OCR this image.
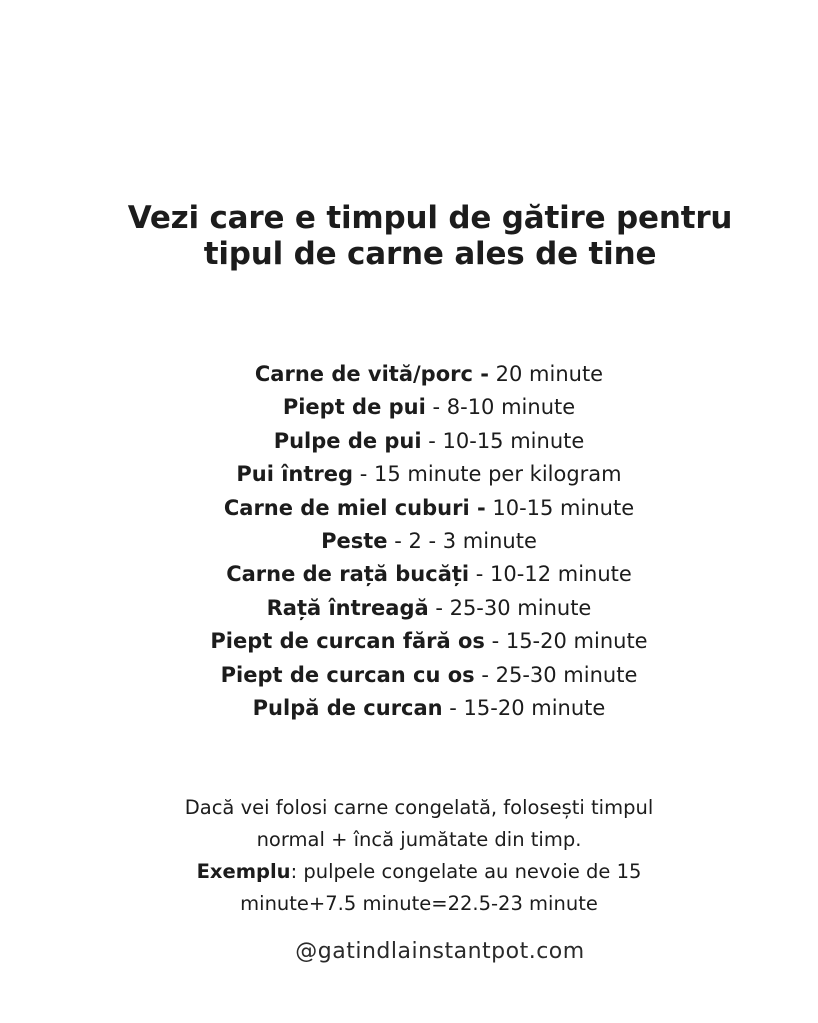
Vezi care e timpul de gătire pentru tipul de carne ales de tine
Carne de vită/porc - 20 minute
Piept de pui - 8-10 minute
Pulpe de pui - 10-15 minute
Pui întreg - 15 minute per kilogram
Carne de miel cuburi - 10-15 minute
Peste - 2 - 3 minute
Carne de rață bucăți - 10-12 minute
Rață întreagă - 25-30 minute
Piept de curcan fără os - 15-20 minute
Piept de curcan cu os - 25-30 minute
Pulpă de curcan - 15-20 minute

Dacă vei folosi carne congelată, folosești timpul
normal + încă jumătate din timp.
Exemplu: pulpele congelate au nevoie de 15
minute+7.5 minute=22.5-23 minute

@gatindlainstantpot.com
